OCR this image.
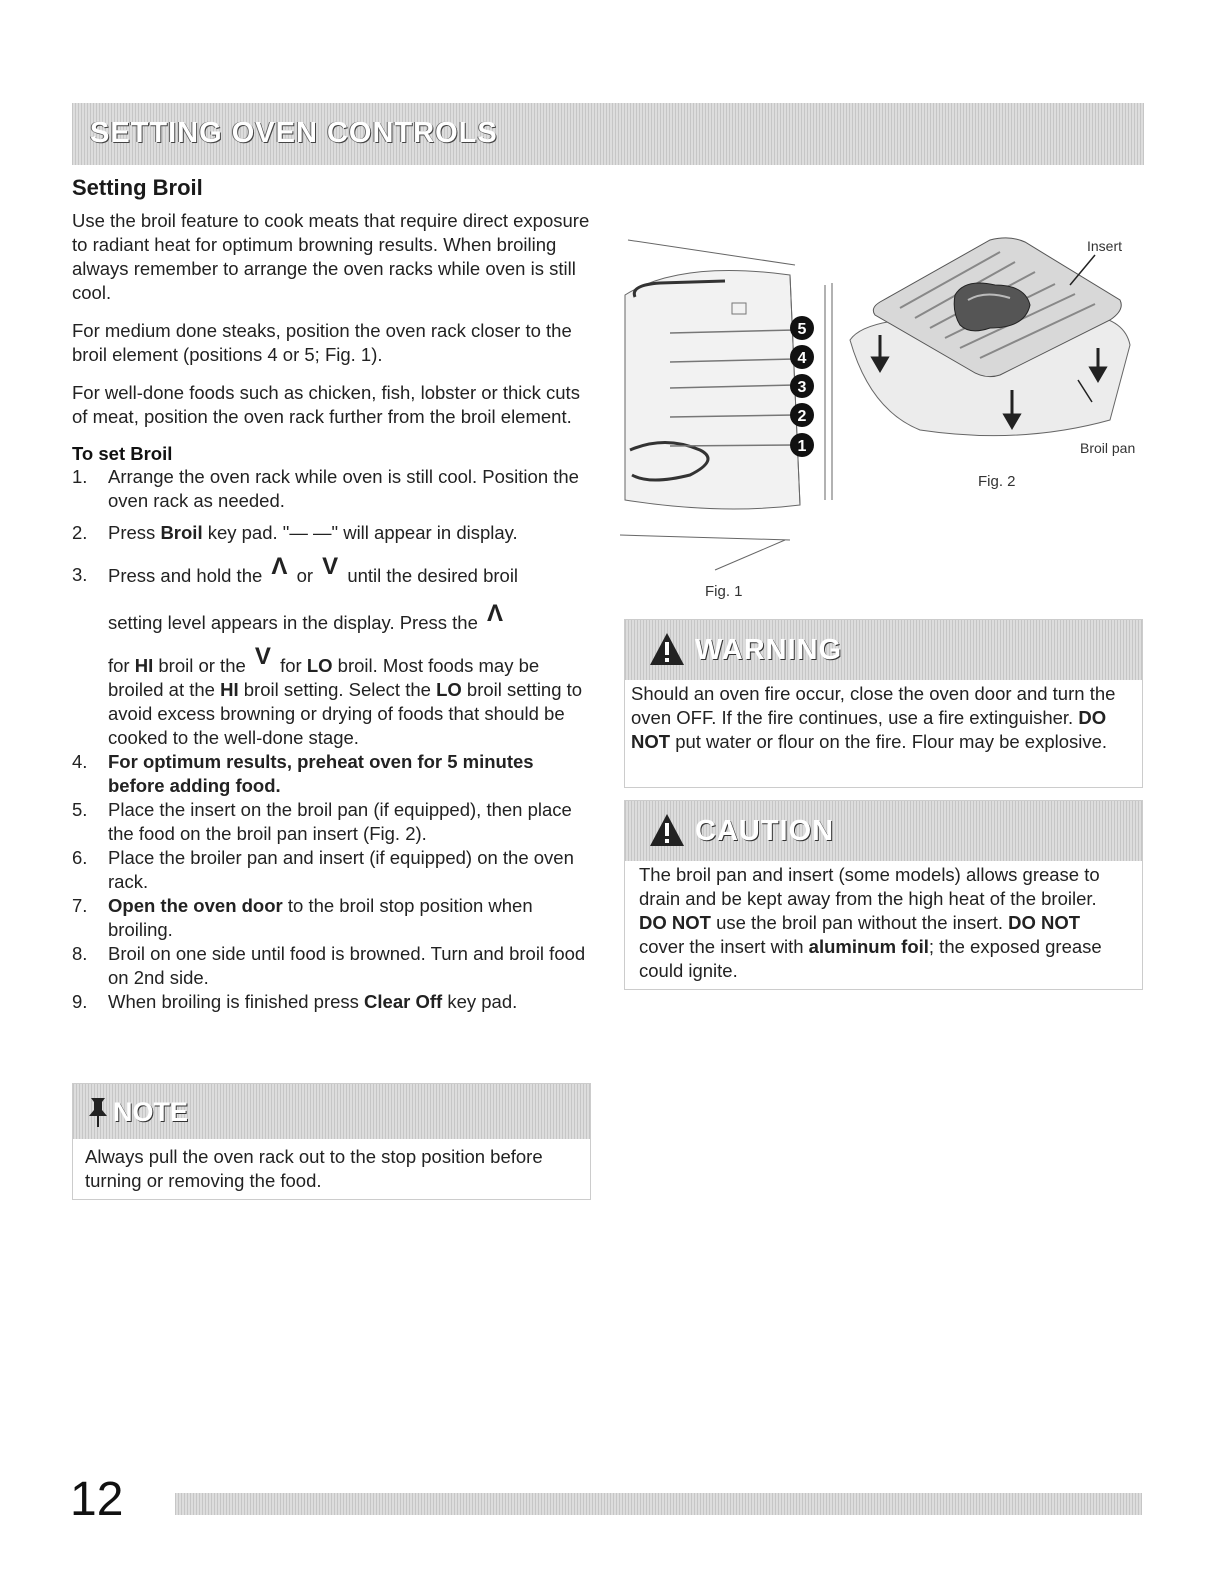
SETTING OVEN CONTROLS
Setting Broil

Use the broil feature to cook meats that require direct exposure to radiant heat for optimum browning results. When broiling always remember to arrange the oven racks while oven is still cool.

For medium done steaks, position the oven rack closer to the broil element (positions 4 or 5; Fig. 1).

For well-done foods such as chicken, fish, lobster or thick cuts of meat, position the oven rack further from the broil element.

To set Broil
1. Arrange the oven rack while oven is still cool. Position the oven rack as needed.
2. Press Broil key pad. "— —" will appear in display.
3. Press and hold the Λ or V until the desired broil
setting level appears in the display. Press the Λ
for HI broil or the V for LO broil. Most foods may be broiled at the HI broil setting. Select the LO broil setting to avoid excess browning or drying of foods that should be cooked to the well-done stage.
4. For optimum results, preheat oven for 5 minutes before adding food.
5. Place the insert on the broil pan (if equipped), then place the food on the broil pan insert (Fig. 2).
6. Place the broiler pan and insert (if equipped) on the oven rack.
7. Open the oven door to the broil stop position when broiling.
8. Broil on one side until food is browned. Turn and broil food on 2nd side.
9. When broiling is finished press Clear Off key pad.
NOTE
Always pull the oven rack out to the stop position before turning or removing the food.
5
4
3
2
1
Fig. 1
Insert
Broil pan
Fig. 2
WARNING
Should an oven fire occur, close the oven door and turn the oven OFF. If the fire continues, use a fire extinguisher. DO NOT put water or flour on the fire. Flour may be explosive.
CAUTION
The broil pan and insert (some models) allows grease to drain and be kept away from the high heat of the broiler. DO NOT use the broil pan without the insert. DO NOT cover the insert with aluminum foil; the exposed grease could ignite.
12
